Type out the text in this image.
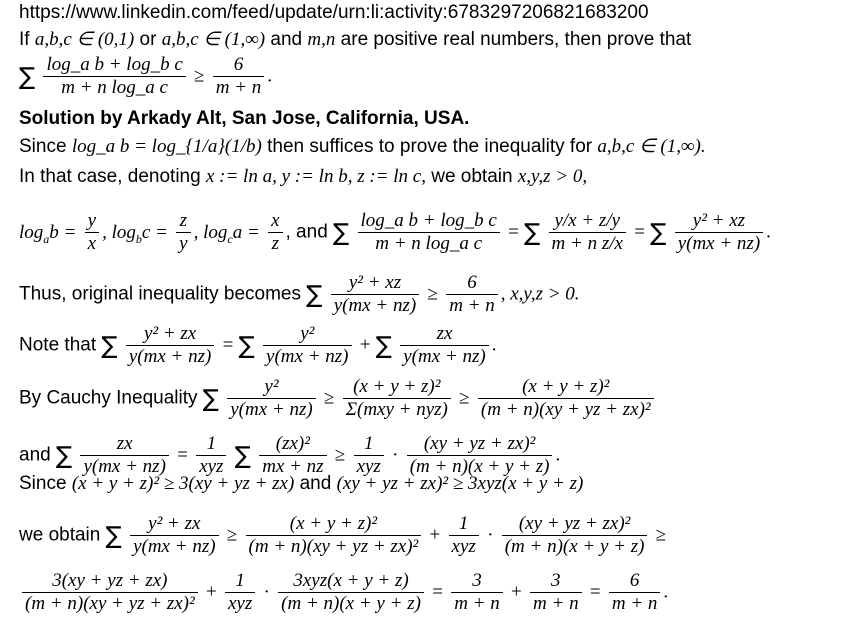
https://www.linkedin.com/feed/update/urn:li:activity:6783297206821683200
If a,b,c ∈ (0,1) or a,b,c ∈ (1,∞) and m,n are positive real numbers, then prove that
∑ $\frac{\text{log\_a b + log\_b c}}{\text{m + n log\_a c}} \ge \frac{6}{m + n}$ .
Solution by Arkady Alt, San Jose, California, USA.
Since log_a b = log_{1/a}(1/b) then suffices to prove the inequality for a,b,c ∈ (1,∞).
In that case, denoting x := ln a, y := ln b, z := ln c, we obtain x,y,z > 0,
$\log_ab = \frac{y}{x}$ , $\log_bc = \frac{z}{y}$ , $\log_ca = \frac{x}{z}$ , and ∑ $\frac{\text{log\_a b + log\_b c}}{\text{m + n log\_a c}}$ = ∑ $\frac{y/x + z/y}{\text{m + n z/x}}$ = ∑ $\frac{\text{y² + xz}}{y(mx + nz)}$ .
Thus, original inequality becomes ∑ $\frac{\text{y² + xz}}{y(mx + nz)} \ge \frac{6}{m + n}$ , x,y,z > 0.
Note that ∑ $\frac{\text{y² + zx}}{y(mx + nz)}$ = ∑ $\frac{\text{y²}}{y(mx + nz)}$ + ∑ $\frac{zx}{y(mx + nz)}$ .
By Cauchy Inequality ∑ $\frac{\text{y²}}{y(mx + nz)} \ge \frac{\text{(x + y + z)²}}{\text{Σ(mxy + nyz)}} \ge \frac{\text{(x + y + z)²}}{\text{(m + n)(xy + yz + zx)²}}$
and ∑ $\frac{zx}{y(mx + nz)} = \frac{1}{\text{xyz}}$ ∑ $\frac{\text{(zx)²}}{mx + nz} \ge \frac{1}{\text{xyz}} \cdot \frac{\text{(xy + yz + zx)²}}{(m + n)(x + y + z)}$ .
Since (x + y + z)² ≥ 3(xy + yz + zx) and (xy + yz + zx)² ≥ 3xyz(x + y + z)
we obtain ∑ $\frac{\text{y² + zx}}{y(mx + nz)} \ge \frac{\text{(x + y + z)²}}{\text{(m + n)(xy + yz + zx)²}} + \frac{1}{\text{xyz}} \cdot \frac{\text{(xy + yz + zx)²}}{(m + n)(x + y + z)}$ ≥
$\frac{3(xy + yz + zx)}{\text{(m + n)(xy + yz + zx)²}} + \frac{1}{\text{xyz}} \cdot \frac{\text{3xyz(x + y + z)}}{(m + n)(x + y + z)} = \frac{3}{m + n} + \frac{3}{m + n} = \frac{6}{m + n}$ .
